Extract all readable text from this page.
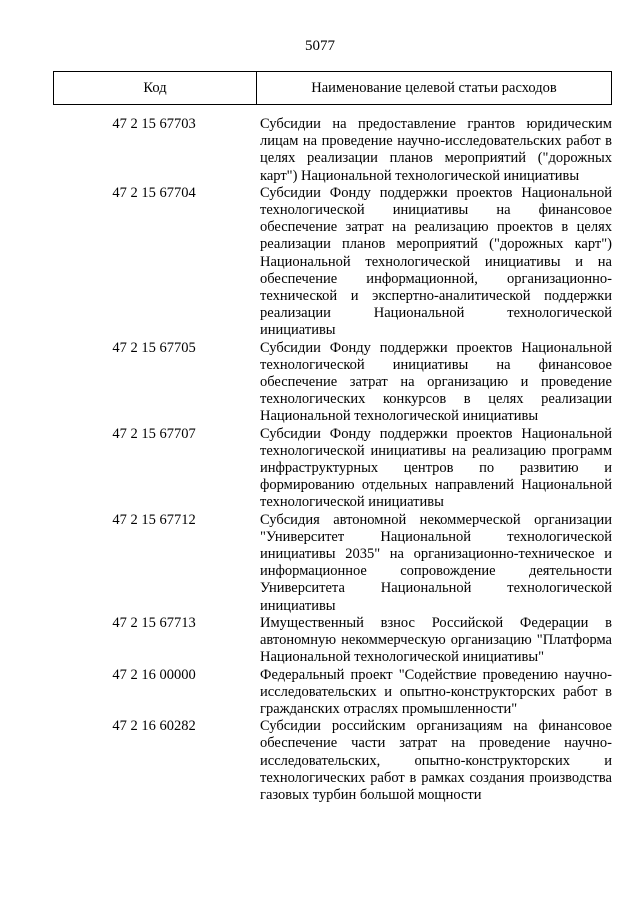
5077
Код	Наименование целевой статьи расходов
47 2 15 67703	Субсидии на предоставление грантов юридическим лицам на проведение научно-исследовательских работ в целях реализации планов мероприятий ("дорожных карт") Национальной технологической инициативы
47 2 15 67704	Субсидии Фонду поддержки проектов Национальной технологической инициативы на финансовое обеспечение затрат на реализацию проектов в целях реализации планов мероприятий ("дорожных карт") Национальной технологической инициативы и на обеспечение информационной, организационно-технической и экспертно-аналитической поддержки реализации Национальной технологической инициативы
47 2 15 67705	Субсидии Фонду поддержки проектов Национальной технологической инициативы на финансовое обеспечение затрат на организацию и проведение технологических конкурсов в целях реализации Национальной технологической инициативы
47 2 15 67707	Субсидии Фонду поддержки проектов Национальной технологической инициативы на реализацию программ инфраструктурных центров по развитию и формированию отдельных направлений Национальной технологической инициативы
47 2 15 67712	Субсидия автономной некоммерческой организации "Университет Национальной технологической инициативы 2035" на организационно-техническое и информационное сопровождение деятельности Университета Национальной технологической инициативы
47 2 15 67713	Имущественный взнос Российской Федерации в автономную некоммерческую организацию "Платформа Национальной технологической инициативы"
47 2 16 00000	Федеральный проект "Содействие проведению научно-исследовательских и опытно-конструкторских работ в гражданских отраслях промышленности"
47 2 16 60282	Субсидии российским организациям на финансовое обеспечение части затрат на проведение научно-исследовательских, опытно-конструкторских и технологических работ в рамках создания производства газовых турбин большой мощности
